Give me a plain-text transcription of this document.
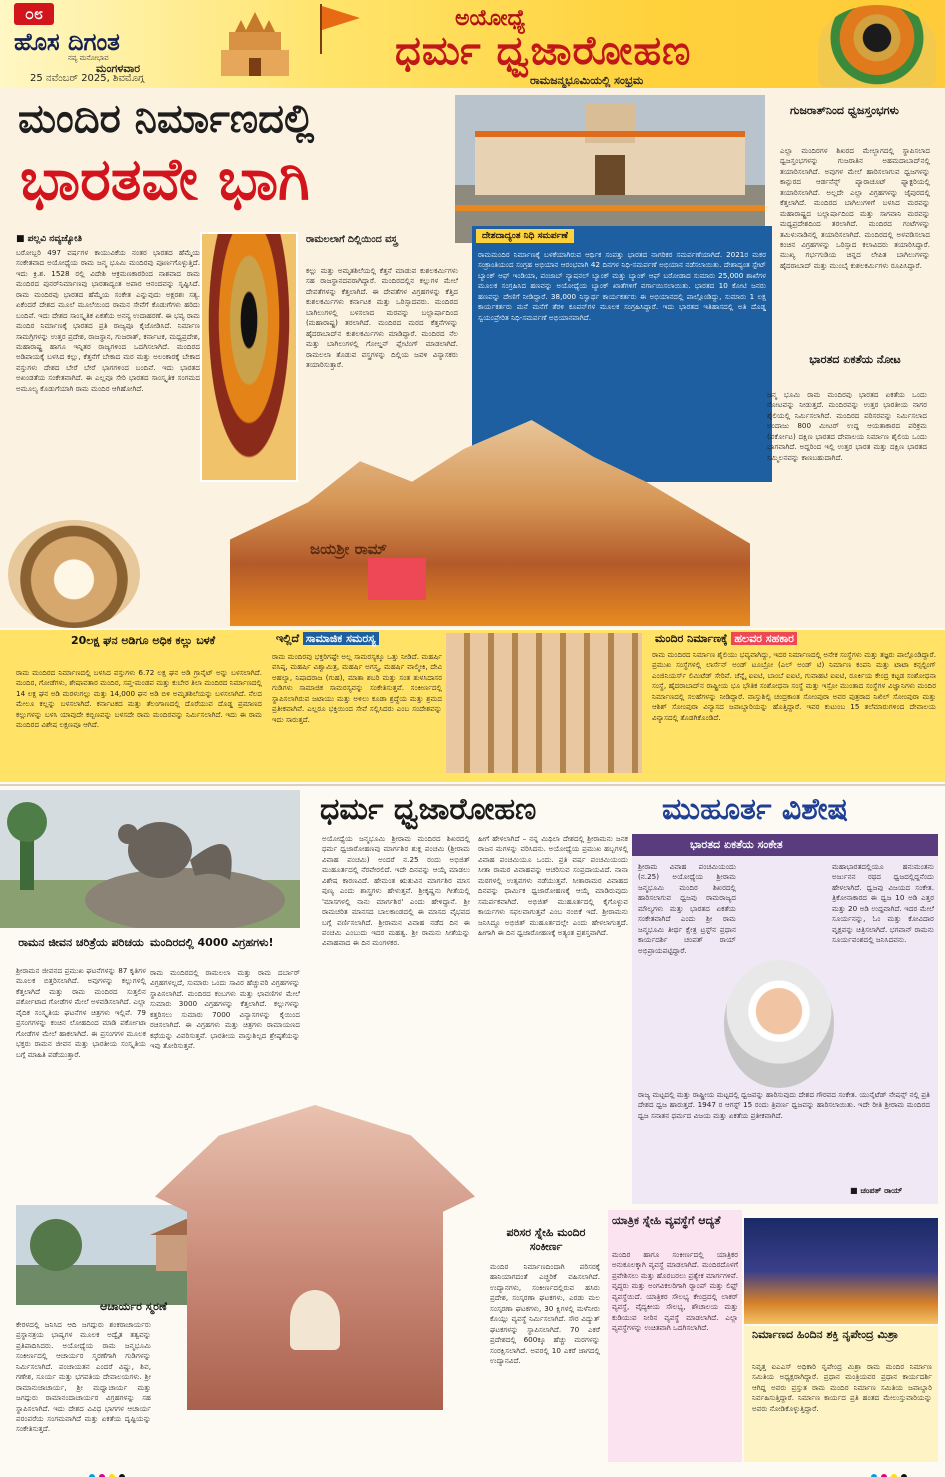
೦೮
ಹೊಸ ದಿಗಂತ
ನವ್ಯ ಮನೋಭಾವ
ಮಂಗಳವಾರ
25 ನವೆಂಬರ್ 2025, ಶಿವಮೊಗ್ಗ
ಅಯೋಧ್ಯೆ
ಧರ್ಮ ಧ್ವಜಾರೋಹಣ
ರಾಮಜನ್ಮಭೂಮಿಯಲ್ಲಿ ಸಂಭ್ರಮ
ಮಂದಿರ ನಿರ್ಮಾಣದಲ್ಲಿ
ಭಾರತವೇ ಭಾಗಿ
■ ಪಲ್ಲವಿ ನವ್ಯಜ್ಯೋತಿ
ಬರೋಬ್ಬರಿ 497 ವರ್ಷಗಳ ಕಾಯುವಿಕೆಯ ನಂತರ ಭಾರತದ ಹೆಮ್ಮೆಯ ಸಂಕೇತವಾದ ಅಯೋಧ್ಯೆಯ ರಾಮ ಜನ್ಮ ಭೂಮಿ ಮಂದಿರವು ಪೂರ್ಣಗೊಳ್ಳುತ್ತಿದೆ. ಇದು ಕ್ರಿ.ಶ. 1528 ರಲ್ಲಿ ವಿದೇಶಿ ಆಕ್ರಮಣಕಾರರಿಂದ ನಾಶವಾದ ರಾಮ ಮಂದಿರದ ಪುನರ್‌ನಿರ್ಮಾಣವು ಭಾರತಾದ್ಯಂತ ಅಪಾರ ಆನಂದವನ್ನು ಸೃಷ್ಟಿಸಿದೆ. ರಾಮ ಮಂದಿರವು ಭಾರತದ ಹೆಮ್ಮೆಯ ಸಂಕೇತ ಎನ್ನುವುದು ಅಕ್ಷರಶಃ ಸತ್ಯ. ಏಕೆಂದರೆ ದೇಶದ ಮೂಲೆ ಮೂಲೆಯಿಂದ ರಾಮನ ಸೇವೆಗೆ ಕೊಡುಗೆಗಳು ಹರಿದು ಬಂದಿವೆ. ಇದು ದೇಶದ ಸಾಂಸ್ಕೃತಿಕ ಏಕತೆಯ ಅನನ್ಯ ಉದಾಹರಣೆ. ಈ ಭವ್ಯ ರಾಮ ಮಂದಿರ ನಿರ್ಮಾಣಕ್ಕೆ ಭಾರತದ ಪ್ರತಿ ರಾಜ್ಯವೂ ಕೈಜೋಡಿಸಿದೆ. ನಿರ್ಮಾಣ ಸಾಮಗ್ರಿಗಳನ್ನು ಉತ್ತರ ಪ್ರದೇಶ, ರಾಜಸ್ಥಾನ, ಗುಜರಾತ್, ಕರ್ನಾಟಕ, ಮಧ್ಯಪ್ರದೇಶ, ಮಹಾರಾಷ್ಟ್ರ ಹಾಗೂ ಇನ್ನಿತರ ರಾಜ್ಯಗಳಿಂದ ಒದಗಿಸಲಾಗಿದೆ. ಮಂದಿರದ ಅಡಿಪಾಯಕ್ಕೆ ಬಳಸಿದ ಕಲ್ಲು, ಕೆತ್ತನೆಗೆ ಬೇಕಾದ ಮರ ಮತ್ತು ಅಲಂಕಾರಕ್ಕೆ ಬೇಕಾದ ವಸ್ತುಗಳು ದೇಶದ ಬೇರೆ ಬೇರೆ ಭಾಗಗಳಿಂದ ಬಂದಿವೆ. ಇದು ಭಾರತದ ಅಖಂಡತೆಯ ಸಂಕೇತವಾಗಿದೆ. ಈ ಎಲ್ಲವೂ ಸೇರಿ ಭಾರತದ ಸಾಂಸ್ಕೃತಿಕ ಸಂಗಮದ ಅಮೂಲ್ಯ ಕೊಡುಗೆಯಾಗಿ ರಾಮ ಮಂದಿರ ಆಗಿಹೋಗಿದೆ.
ಗುಜರಾತ್‌ನಿಂದ ಧ್ವಜಸ್ತಂಭಗಳು
ಎಲ್ಲಾ ಮಂದಿರಗಳ ಶಿಖರದ ಮೇಲ್ಭಾಗದಲ್ಲಿ ಸ್ಥಾಪಿಸಲಾದ ಧ್ವಜಸ್ತಂಭಗಳನ್ನು ಗುಜರಾತಿನ ಅಹಮದಾಬಾದ್‌ನಲ್ಲಿ ತಯಾರಿಸಲಾಗಿದೆ. ಅವುಗಳ ಮೇಲೆ ಹಾರಿಸಲಾಗುವ ಧ್ವಜಗಳನ್ನು ಕಾನ್ಪುರದ ಆರ್ಡನೆನ್ಸ್ ಪ್ಯಾರಾಚೂಟ್ ಫ್ಯಾಕ್ಟರಿಯಲ್ಲಿ ತಯಾರಿಸಲಾಗಿದೆ. ಅಲ್ಲದೇ ಎಲ್ಲಾ ವಿಗ್ರಹಗಳನ್ನು ಜೈಪುರದಲ್ಲಿ ಕೆತ್ತಲಾಗಿದೆ. ಮಂದಿರದ ಬಾಗಿಲುಗಳಿಗೆ ಬಳಸಿದ ಮರವನ್ನು ಮಹಾರಾಷ್ಟ್ರದ ಬಲ್ಲಾರ್ಷಾದಿಂದ ಮತ್ತು ಸಾಗವಾನಿ ಮರವನ್ನು ಮಧ್ಯಪ್ರದೇಶದಿಂದ ತರಲಾಗಿದೆ. ಮಂದಿರದ ಗಂಟೆಗಳನ್ನು ತಮಿಳುನಾಡಿನಲ್ಲಿ ತಯಾರಿಸಲಾಗಿದೆ. ಮಂದಿರದಲ್ಲಿ ಅಳವಡಿಸಲಾದ ಕಂಚಿನ ವಿಗ್ರಹಗಳನ್ನು ಒರಿಸ್ಸಾದ ಕಲಾವಿದರು ತಯಾರಿಸಿದ್ದಾರೆ. ಮುಖ್ಯ ಗರ್ಭಗುಡಿಯ ಚಿನ್ನದ ಲೇಪಿತ ಬಾಗಿಲುಗಳನ್ನು ಹೈದರಾಬಾದ್ ಮತ್ತು ಮುಂಬೈ ಕುಶಲಕರ್ಮಿಗಳು ರೂಪಿಸಿದ್ದಾರೆ.
ರಾಮಲಲಾಗೆ ದಿಲ್ಲಿಯಿಂದ ವಸ್ತ್ರ
ಕಲ್ಲು ಮತ್ತು ಅಮೃತಶಿಲೆಯಲ್ಲಿ ಕೆತ್ತನೆ ಮಾಡುವ ಕುಶಲಕರ್ಮಿಗಳು ಸಹ ರಾಜಸ್ಥಾನದವರಾಗಿದ್ದಾರೆ. ಮಂದಿರದಲ್ಲಿನ ಕಲ್ಲುಗಳ ಮೇಲೆ ದೇವತೆಗಳನ್ನು ಕೆತ್ತಲಾಗಿದೆ. ಈ ದೇವತೆಗಳ ವಿಗ್ರಹಗಳನ್ನು ಕೆತ್ತಿದ ಕುಶಲಕರ್ಮಿಗಳು ಕರ್ನಾಟಕ ಮತ್ತು ಒರಿಸ್ಸಾದವರು. ಮಂದಿರದ ಬಾಗಿಲುಗಳಲ್ಲಿ ಬಳಸಲಾದ ಮರವನ್ನು ಬಲ್ಲಾರ್ಷಾದಿಂದ (ಮಹಾರಾಷ್ಟ್ರ) ತರಲಾಗಿದೆ. ಮಂದಿರದ ಮರದ ಕೆತ್ತನೆಗಳನ್ನು ಹೈದರಾಬಾದ್‌ನ ಕುಶಲಕರ್ಮಿಗಳು ಮಾಡಿದ್ದಾರೆ. ಮಂದಿರದ ನೆಲ ಮತ್ತು ಬಾಗಿಲುಗಳಲ್ಲಿ ಗೋಲ್ಡನ್ ಪ್ಲೇಟಿಂಗ್ ಮಾಡಲಾಗಿದೆ. ರಾಮಲಲಾ ತೊಡುವ ವಸ್ತ್ರಗಳನ್ನು ದಿಲ್ಲಿಯ ಜವಳಿ ವಿನ್ಯಾಸಕರು ತಯಾರಿಸುತ್ತಾರೆ.
ರಾಮಮಂದಿರ ನಿರ್ಮಾಣಕ್ಕೆ ಬಳಕೆಯಾಗಿರುವ ಆರ್ಥಿಕ ಸಂಪತ್ತು ಭಾರತದ ನಾಗರಿಕರ ಸಮರ್ಪಣೆಯಾಗಿದೆ. 2021ರ ಮಕರ ಸಂಕ್ರಾಂತಿಯಂದ ಸಂಗ್ರಹ ಅಭಿಯಾನ ಆರಂಭವಾಗಿ 42 ದಿನಗಳ ನಿಧಿ-ಸಮರ್ಪಣೆ ಅಭಿಯಾನ ನಡೆಸಲಾಯಿತು. ದೇಶಾದ್ಯಂತ ಸ್ಟೇಟ್ ಬ್ಯಾಂಕ್ ಆಫ್ ಇಂಡಿಯಾ, ಪಂಜಾಬ್ ನ್ಯಾಷನಲ್ ಬ್ಯಾಂಕ್ ಮತ್ತು ಬ್ಯಾಂಕ್ ಆಫ್ ಬರೋಡಾದ ಸುಮಾರು 25,000 ಶಾಖೆಗಳ ಮೂಲಕ ಸಂಗ್ರಹಿಸಿದ ಹಣವನ್ನು ಅಯೋಧ್ಯೆಯ ಬ್ಯಾಂಕ್ ಖಾತೆಗಳಿಗೆ ವರ್ಗಾಯಿಸಲಾಯಿತು. ಭಾರತದ 10 ಕೋಟಿ ಜನರು ಹಣವನ್ನು ದೇಣಿಗೆ ನೀಡಿದ್ದಾರೆ. 38,000 ನಿಸ್ವಾರ್ಥ ಕಾರ್ಯಕರ್ತರು ಈ ಅಭಿಯಾನದಲ್ಲಿ ಪಾಲ್ಗೊಂಡಿದ್ದು, ಸುಮಾರು 1 ಲಕ್ಷ ಕಾರ್ಯಕರ್ತರು ಮನೆ ಮನೆಗೆ ತೆರಳಿ ಕೂಪನ್‌ಗಳ ಮೂಲಕ ಸಂಗ್ರಹಿಸಿದ್ದಾರೆ. ಇದು ಭಾರತದ ಇತಿಹಾಸದಲ್ಲಿ ಅತಿ ದೊಡ್ಡ ಸ್ವಯಂಪ್ರೇರಿತ ನಿಧಿ-ಸಮರ್ಪಣೆ ಅಭಿಯಾನವಾಗಿದೆ.
ದೇಶದಾದ್ಯಂತ ನಿಧಿ ಸಮರ್ಪಣೆ
ಭಾರತದ ಏಕತೆಯ ನೋಟ
ಜನ್ಮ ಭೂಮಿ ರಾಮ ಮಂದಿರವು ಭಾರತದ ಏಕತೆಯ ಒಂದು ನೋಟವನ್ನು ನೀಡುತ್ತದೆ. ಮಂದಿರವನ್ನು ಉತ್ತರ ಭಾರತೀಯ ನಾಗರ ಶೈಲಿಯಲ್ಲಿ ನಿರ್ಮಿಸಲಾಗಿದೆ. ಮಂದಿರದ ಪರಿಸರವನ್ನು ನಿರ್ಮಿಸಲಾದ ಅಂದಾಜು 800 ಮೀಟರ್ ಉದ್ದ ಆಯತಾಕಾರದ ಪರಿಕ್ರಮ (ಪರ್ಕೋಟ) ದಕ್ಷಿಣ ಭಾರತದ ದೇವಾಲಯ ನಿರ್ಮಾಣ ಶೈಲಿಯ ಒಂದು ಭಾಗವಾಗಿದೆ. ಅದ್ದರಿಂದ ಇಲ್ಲಿ ಉತ್ತರ ಭಾರತ ಮತ್ತು ದಕ್ಷಿಣ ಭಾರತದ ಸಮ್ಮಿಲನವನ್ನು ಕಾಣಬಹುದಾಗಿದೆ.
ಜಯಶ್ರೀ ರಾಮ್
20ಲಕ್ಷ ಘನ ಅಡಿಗೂ ಅಧಿಕ ಕಲ್ಲು ಬಳಕೆ
ರಾಮ ಮಂದಿರದ ನಿರ್ಮಾಣದಲ್ಲಿ ಬಳಸಿದ ವಸ್ತುಗಳು 6.72 ಲಕ್ಷ ಘನ ಅಡಿ ಗ್ರಾನೈಟ್ ಅನ್ನು ಬಳಸಲಾಗಿದೆ. ಮಂದಿರ, ಗೋಡೆಗಳು, ಶೇಷಾವತಾರ ಮಂದಿರ, ಸಪ್ತ-ಮಂಡಪ ಮತ್ತು ಕುಬೇರ ತಿಲಾ ಮಂದಿರದ ನಿರ್ಮಾಣದಲ್ಲಿ 14 ಲಕ್ಷ ಘನ ಅಡಿ ಮರಳುಗಲ್ಲು ಮತ್ತು 14,000 ಘನ ಅಡಿ ಬಿಳಿ ಅಮೃತಶಿಲೆಯನ್ನು ಬಳಸಲಾಗಿದೆ. ನೆಲದ ಮೇಲೂ ಕಲ್ಲನ್ನು ಬಳಸಲಾಗಿದೆ. ಕರ್ನಾಟಕದ ಮತ್ತು ತೆಲಂಗಾಣದಲ್ಲಿ ದೊರೆಯುವ ದೊಡ್ಡ ಪ್ರಮಾಣದ ಕಲ್ಲುಗಳನ್ನು ಬಳಸಿ ಯಾವುದೇ ಕಬ್ಬಿಣವನ್ನು ಬಳಸದೇ ರಾಮ ಮಂದಿರವನ್ನು ನಿರ್ಮಿಸಲಾಗಿದೆ. ಇದು ಈ ರಾಮ ಮಂದಿರದ ವಿಶೇಷ ಲಕ್ಷಣವೂ ಆಗಿದೆ.
ಇಲ್ಲಿದೆ ಸಾಮಾಜಿಕ ಸಮರಸ್ಯ
ರಾಮ ಮಂದಿರವು ಭಕ್ತರಿಗಷ್ಟೇ ಅಲ್ಲ ಸಾಮರಸ್ಯಕ್ಕೂ ಒತ್ತು ನೀಡಿದೆ. ಮಹರ್ಷಿ ವಸಿಷ್ಠ, ಮಹರ್ಷಿ ವಿಶ್ವಾಮಿತ್ರ, ಮಹರ್ಷಿ ಅಗಸ್ತ್ಯ, ಮಹರ್ಷಿ ವಾಲ್ಮೀಕಿ, ದೇವಿ ಅಹಲ್ಯಾ, ನಿಷಾದರಾಜ (ಗುಹ), ಮಾತಾ ಶಬರಿ ಮತ್ತು ಸಂತ ತುಳಸಿದಾಸರ ಗುಡಿಗಳು ಸಾಮಾಜಿಕ ಸಾಮರಸ್ಯವನ್ನು ಸಂಕೇತಿಸುತ್ತವೆ. ಸಂಕೀರ್ಣದಲ್ಲಿ ಸ್ಥಾಪಿಸಲಾಗಿರುವ ಜಟಾಯು ಮತ್ತು ಅಳಿಲು ಕೂಡಾ ಶ್ರದ್ಧೆಯ ಮತ್ತು ಶ್ರಮದ ಪ್ರತೀಕವಾಗಿವೆ. ಎಲ್ಲರೂ ಭಕ್ತಿಯಿಂದ ಸೇವೆ ಸಲ್ಲಿಸಿದರು ಎಂಬ ಸಂದೇಶವನ್ನು ಇದು ಸಾರುತ್ತದೆ.
ಮಂದಿರ ನಿರ್ಮಾಣಕ್ಕೆ ಹಲವರ ಸಹಕಾರ
ರಾಮ ಮಂದಿರದ ನಿರ್ಮಾಣ ಶೈಲಿಯು ಭವ್ಯವಾಗಿದ್ದು, ಇದರ ನಿರ್ಮಾಣದಲ್ಲಿ ಅನೇಕ ಸಂಸ್ಥೆಗಳು ಮತ್ತು ತಜ್ಞರು ಪಾಲ್ಗೊಂಡಿದ್ದಾರೆ. ಪ್ರಮುಖ ಸಂಸ್ಥೆಗಳಲ್ಲಿ ಲಾರ್ಸೆನ್ ಅಂಡ್ ಟೂಬ್ರೋ (ಎಲ್ ಅಂಡ್ ಟಿ) ನಿರ್ಮಾಣ ಕಂಪನಿ ಮತ್ತು ಟಾಟಾ ಕನ್ಸಲ್ಟಿಂಗ್ ಎಂಜಿನಿಯರ್ಸ್ ಲಿಮಿಟೆಡ್ ಸೇರಿವೆ. ಚೆನ್ನೈ ಐಐಟಿ, ಬಾಂಬೆ ಐಐಟಿ, ಗುವಾಹಟಿ ಐಐಟಿ, ರೂರ್ಕಿಯ ಕೇಂದ್ರ ಕಟ್ಟಡ ಸಂಶೋಧನಾ ಸಂಸ್ಥೆ, ಹೈದರಾಬಾದ್‌ನ ರಾಷ್ಟ್ರೀಯ ಭೂ ಭೌತಿಕ ಸಂಶೋಧನಾ ಸಂಸ್ಥೆ ಮತ್ತು ಇಸ್ರೋ ಮುಂತಾದ ಸಂಸ್ಥೆಗಳ ವಿಜ್ಞಾನಿಗಳು ಮಂದಿರ ನಿರ್ಮಾಣದಲ್ಲಿ ಸಲಹೆಗಳನ್ನು ನೀಡಿದ್ದಾರೆ. ವಾಸ್ತುಶಿಲ್ಪಿ ಚಂದ್ರಕಾಂತ ಸೋಂಪುರಾ ಅವರ ಪುತ್ರರಾದ ನಿಖಿಲ್ ಸೋಂಪುರಾ ಮತ್ತು ಆಶಿಶ್ ಸೋಂಪುರಾ ವಿನ್ಯಾಸದ ಜವಾಬ್ದಾರಿಯನ್ನು ಹೊತ್ತಿದ್ದಾರೆ. ಇವರ ಕುಟುಂಬ 15 ತಲೆಮಾರುಗಳಿಂದ ದೇವಾಲಯ ವಿನ್ಯಾಸದಲ್ಲಿ ತೊಡಗಿಕೊಂಡಿದೆ.
ಧರ್ಮ ಧ್ವಜಾರೋಹಣ	ಮುಹೂರ್ತ ವಿಶೇಷ
ಅಯೋಧ್ಯೆಯ ಜನ್ಮಭೂಮಿ ಶ್ರೀರಾಮ ಮಂದಿರದ ಶಿಖರದಲ್ಲಿ ಧರ್ಮ ಧ್ವಜಾರೋಹಣವು ಮಾರ್ಗಶಿರ ಶುಕ್ಲ ಪಂಚಮಿ (ಶ್ರೀರಾಮ ವಿವಾಹ ಪಂಚಮಿ) ಅಂದರೆ ನ.25 ರಂದು ಅಭಿಜಿತ್ ಮುಹೂರ್ತದಲ್ಲಿ ನೆರವೇರಲಿದೆ. ಇದೇ ದಿನವನ್ನು ಆಯ್ಕೆ ಮಾಡಲು ವಿಶೇಷ ಕಾರಣವಿದೆ. ಹೇಮಂತ ಋತುವಿನ ಮಾರ್ಗಶಿರ ಮಾಸ ಪುಣ್ಯ ಎಂದು ಶಾಸ್ತ್ರಗಳು ಹೇಳುತ್ತವೆ. ಶ್ರೀಕೃಷ್ಣನು ಗೀತೆಯಲ್ಲಿ 'ಮಾಸಗಳಲ್ಲಿ ನಾನು ಮಾರ್ಗಶಿರ' ಎಂದು ಹೇಳಿದ್ದಾನೆ. ಶ್ರೀ ರಾಮಚರಿತ ಮಾನಸದ ಬಾಲಕಾಂಡದಲ್ಲಿ ಈ ಮಾಸದ ವೈಭವದ ಬಗ್ಗೆ ವರ್ಣಿಸಲಾಗಿದೆ. ಶ್ರೀರಾಮನ ವಿವಾಹ ನಡೆದ ದಿನ ಈ ಪಂಚಮಿ ಎಂಬುದು ಇದರ ಮಹತ್ವ. ಶ್ರೀ ರಾಮನು ಸೀತೆಯನ್ನು ವಿವಾಹವಾದ ಈ ದಿನ ಮಂಗಳಕರ.
ಹೀಗೆ ಹೇಳಲಾಗಿದೆ – ನನ್ನ ಮಿಥಿಲಾ ದೇಶದಲ್ಲಿ ಶ್ರೀರಾಮನು ಜನಕ ರಾಜನ ಮಗಳನ್ನು ವರಿಸಿದನು. ಅಯೋಧ್ಯೆಯ ಪ್ರಮುಖ ಹಬ್ಬಗಳಲ್ಲಿ ವಿವಾಹ ಪಂಚಮಿಯೂ ಒಂದು. ಪ್ರತಿ ವರ್ಷ ಪಂಚಮಿಯಂದು ಸೀತಾ ರಾಮರ ವಿವಾಹವನ್ನು ಆಚರಿಸುವ ಸಂಪ್ರದಾಯವಿದೆ. ನಾನಾ ಮಠಗಳಲ್ಲಿ ಉತ್ಸವಗಳು ನಡೆಯುತ್ತವೆ. ಸೀತಾರಾಮರ ವಿವಾಹದ ದಿನವನ್ನು ಧಾರ್ಮಿಕ ಧ್ವಜಾರೋಹಣಕ್ಕೆ ಆಯ್ಕೆ ಮಾಡಿರುವುದು ಸಮರ್ಪಕವಾಗಿದೆ. ಅಭಿಜಿತ್ ಮುಹೂರ್ತದಲ್ಲಿ ಕೈಗೊಳ್ಳುವ ಕಾರ್ಯಗಳು ಸಫಲವಾಗುತ್ತವೆ ಎಂಬ ನಂಬಿಕೆ ಇದೆ. ಶ್ರೀರಾಮನು ಜನಿಸಿದ್ದೂ ಅಭಿಜಿತ್ ಮುಹೂರ್ತದಲ್ಲೇ ಎಂದು ಹೇಳಲಾಗುತ್ತದೆ. ಹೀಗಾಗಿ ಈ ದಿನ ಧ್ವಜಾರೋಹಣಕ್ಕೆ ಅತ್ಯಂತ ಪ್ರಶಸ್ತವಾಗಿದೆ.
ಭಾರತದ ಏಕತೆಯ ಸಂಕೇತ
ಶ್ರೀರಾಮ ವಿವಾಹ ಪಂಚಮಿಯಂದು (ನ.25) ಅಯೋಧ್ಯೆಯ ಶ್ರೀರಾಮ ಜನ್ಮಭೂಮಿ ಮಂದಿರ ಶಿಖರದಲ್ಲಿ ಹಾರಿಸಲಾಗುವ ಧ್ವಜವು ರಾಮರಾಜ್ಯದ ಮೌಲ್ಯಗಳು ಮತ್ತು ಭಾರತದ ಏಕತೆಯ ಸಂಕೇತವಾಗಿದೆ ಎಂದು ಶ್ರೀ ರಾಮ ಜನ್ಮಭೂಮಿ ತೀರ್ಥ ಕ್ಷೇತ್ರ ಟ್ರಸ್ಟ್‌ನ ಪ್ರಧಾನ ಕಾರ್ಯದರ್ಶಿ ಚಂಪತ್ ರಾಯ್ ಅಭಿಪ್ರಾಯಪಟ್ಟಿದ್ದಾರೆ.
ಮಹಾಭಾರತದಲ್ಲಿಯೂ ಹನುಮಂತನು ಅರ್ಜುನನ ರಥದ ಧ್ವಜದಲ್ಲಿದ್ದನೆಂದು ಹೇಳಲಾಗಿದೆ. ಧ್ವಜವು ವಿಜಯದ ಸಂಕೇತ. ತ್ರಿಕೋನಾಕಾರದ ಈ ಧ್ವಜ 10 ಅಡಿ ಎತ್ತರ ಮತ್ತು 20 ಅಡಿ ಉದ್ದವಾಗಿದೆ. ಇದರ ಮೇಲೆ ಸೂರ್ಯನನ್ನು, ಓಂ ಮತ್ತು ಕೋವಿದಾರ ವೃಕ್ಷವನ್ನು ಚಿತ್ರಿಸಲಾಗಿದೆ. ಭಗವಾನ್ ರಾಮನು ಸೂರ್ಯವಂಶದಲ್ಲಿ ಜನಿಸಿದವನು.
ರಾಜ್ಯ ಮಟ್ಟದಲ್ಲಿ ಮತ್ತು ರಾಷ್ಟ್ರೀಯ ಮಟ್ಟದಲ್ಲಿ ಧ್ವಜವನ್ನು ಹಾರಿಸುವುದು ದೇಶದ ಗೌರವದ ಸಂಕೇತ. ಯುನೈಟೆಡ್ ನೇಷನ್ಸ್ ನಲ್ಲಿ ಪ್ರತಿ ದೇಶದ ಧ್ವಜ ಹಾರುತ್ತದೆ. 1947 ರ ಆಗಸ್ಟ್ 15 ರಂದು ತ್ರಿವರ್ಣ ಧ್ವಜವನ್ನು ಹಾರಿಸಲಾಯಿತು. ಇದೇ ರೀತಿ ಶ್ರೀರಾಮ ಮಂದಿರದ ಧ್ವಜ ಸನಾತನ ಧರ್ಮದ ವಿಜಯ ಮತ್ತು ಏಕತೆಯ ಪ್ರತೀಕವಾಗಿದೆ.
■ ಚಂಪತ್ ರಾಯ್
ರಾಮನ ಜೀವನ ಚರಿತ್ರೆಯ ಪರಿಚಯ
ಶ್ರೀರಾಮನ ಜೀವನದ ಪ್ರಮುಖ ಘಟನೆಗಳನ್ನು 87 ಕೃತಿಗಳ ಮೂಲಕ ಬಿತ್ತರಿಸಲಾಗಿದೆ. ಅವುಗಳನ್ನು ಕಲ್ಲುಗಳಲ್ಲಿ ಕೆತ್ತಲಾಗಿದೆ ಮತ್ತು ರಾಮ ಮಂದಿರದ ಸುತ್ತಲಿನ ಪರ್ಕೋಟಾದ ಗೋಡೆಗಳ ಮೇಲೆ ಅಳವಡಿಸಲಾಗಿದೆ. ಎಲ್ಲಾ ವೈದಿಕ ಸಂಸ್ಕೃತಿಯ ಘಟನೆಗಳ ಚಿತ್ರಗಳು ಇಲ್ಲಿವೆ. 79 ಪ್ರಸಂಗಗಳನ್ನು ಕಂಚಿನ ಲೋಹದಿಂದ ಮಾಡಿ ಪರ್ಕೋಟಾ ಗೋಡೆಗಳ ಮೇಲೆ ಹಾಕಲಾಗಿದೆ. ಈ ಪ್ರಸಂಗಗಳ ಮೂಲಕ ಭಕ್ತರು ರಾಮನ ಜೀವನ ಮತ್ತು ಭಾರತೀಯ ಸಂಸ್ಕೃತಿಯ ಬಗ್ಗೆ ಮಾಹಿತಿ ಪಡೆಯುತ್ತಾರೆ.
ಮಂದಿರದಲ್ಲಿ 4000 ವಿಗ್ರಹಗಳು!
ರಾಮ ಮಂದಿರದಲ್ಲಿ ರಾಮಲಲಾ ಮತ್ತು ರಾಮ ದರ್ಬಾರ್ ವಿಗ್ರಹಗಳಲ್ಲದೆ, ಸುಮಾರು ಒಂದು ಸಾವಿರ ಹೆಚ್ಚುವರಿ ವಿಗ್ರಹಗಳನ್ನು ಸ್ಥಾಪಿಸಲಾಗಿದೆ. ಮಂದಿರದ ಕಂಬಗಳು ಮತ್ತು ಛಾವಣಿಗಳ ಮೇಲೆ ಸುಮಾರು 3000 ವಿಗ್ರಹಗಳನ್ನು ಕೆತ್ತಲಾಗಿದೆ. ಕಲ್ಲುಗಳನ್ನು ಕತ್ತರಿಸಲು ಸುಮಾರು 7000 ವಿನ್ಯಾಸಗಳನ್ನು ಕೈಯಿಂದ ರಚಿಸಲಾಗಿದೆ. ಈ ವಿಗ್ರಹಗಳು ಮತ್ತು ಚಿತ್ರಗಳು ರಾಮಾಯಣದ ಕಥೆಯನ್ನು ವಿವರಿಸುತ್ತವೆ. ಭಾರತೀಯ ವಾಸ್ತುಶಿಲ್ಪದ ಶ್ರೇಷ್ಠತೆಯನ್ನು ಇವು ತೋರಿಸುತ್ತವೆ.
ಆಚಾರ್ಯರ ಸ್ಮರಣೆ
ಕೇರಳದಲ್ಲಿ ಜನಿಸಿದ ಆದಿ ಜಗದ್ಗುರು ಶಂಕರಾಚಾರ್ಯರು ಪ್ರಸ್ಥಾನತ್ರಯ ಭಾಷ್ಯಗಳ ಮೂಲಕ ಅದ್ವೈತ ತತ್ವವನ್ನು ಪ್ರತಿಪಾದಿಸಿದರು. ಅಯೋಧ್ಯೆಯ ರಾಮ ಜನ್ಮಭೂಮಿ ಸಂಕೀರ್ಣದಲ್ಲಿ ಆಚಾರ್ಯರ ಸ್ಮರಣೆಗಾಗಿ ಗುಡಿಗಳನ್ನು ನಿರ್ಮಿಸಲಾಗಿದೆ. ಪಂಚಾಯತನ ಎಂದರೆ ವಿಷ್ಣು, ಶಿವ, ಗಣೇಶ, ಸೂರ್ಯ ಮತ್ತು ಭಗವತಿಯ ದೇವಾಲಯಗಳು. ಶ್ರೀ ರಾಮಾನುಜಾಚಾರ್ಯ, ಶ್ರೀ ಮಧ್ವಾಚಾರ್ಯ ಮತ್ತು ಜಗದ್ಗುರು ರಾಮಾನಂದಾಚಾರ್ಯರ ವಿಗ್ರಹಗಳನ್ನು ಸಹ ಸ್ಥಾಪಿಸಲಾಗಿದೆ. ಇದು ದೇಶದ ವಿವಿಧ ಭಾಗಗಳ ಆಚಾರ್ಯ ಪರಂಪರೆಯ ಸಂಗಮವಾಗಿದೆ ಮತ್ತು ಏಕತೆಯ ದೃಷ್ಟಿಯನ್ನು ಸಂಕೇತಿಸುತ್ತದೆ.
ಪರಿಸರ ಸ್ನೇಹಿ ಮಂದಿರ ಸಂಕೀರ್ಣ
ಮಂದಿರ ನಿರ್ಮಾಣದಿಂದಾಗಿ ಪರಿಸರಕ್ಕೆ ಹಾನಿಯಾಗದಂತೆ ಎಚ್ಚರಿಕೆ ವಹಿಸಲಾಗಿದೆ. ಉದ್ಯಾನಗಳು, ಸಂಕೀರ್ಣದಲ್ಲಿರುವ ಹಸಿರು ಪ್ರದೇಶ, ಸಂಸ್ಕರಣಾ ಘಟಕಗಳು, ಎರಡು ಮಲ ಸಂಸ್ಕರಣಾ ಘಟಕಗಳು, 30 ಕ್ಷಿಗಳಲ್ಲಿ ಮಳೆನೀರು ಕೊಯ್ಲು ವ್ಯವಸ್ಥೆ ನಿರ್ಮಿಸಲಾಗಿದೆ. ಸೌರ ವಿದ್ಯುತ್ ಘಟಕಗಳನ್ನು ಸ್ಥಾಪಿಸಲಾಗಿದೆ. 70 ಎಕರೆ ಪ್ರದೇಶದಲ್ಲಿ 600ಕ್ಕೂ ಹೆಚ್ಚು ಮರಗಳನ್ನು ಸಂರಕ್ಷಿಸಲಾಗಿದೆ. ಅವರಲ್ಲಿ 10 ಎಕರೆ ಜಾಗದಲ್ಲಿ ಉದ್ಯಾನವಿದೆ.
ಯಾತ್ರಿಕ ಸ್ನೇಹಿ ವ್ಯವಸ್ಥೆಗೆ ಆದ್ಯತೆ
ಮಂದಿರ ಹಾಗೂ ಸಂಕೀರ್ಣದಲ್ಲಿ ಯಾತ್ರಿಕರ ಅನುಕೂಲಕ್ಕಾಗಿ ವ್ಯವಸ್ಥೆ ಮಾಡಲಾಗಿದೆ. ಮಂದಿರದೊಳಗೆ ಪ್ರವೇಶಿಸಲು ಮತ್ತು ಹೊರಬರಲು ಪ್ರತ್ಯೇಕ ಮಾರ್ಗಗಳಿವೆ. ವೃದ್ಧರು ಮತ್ತು ಅಂಗವಿಕಲರಿಗಾಗಿ ರ್‍ಯಾಂಪ್ ಮತ್ತು ಲಿಫ್ಟ್ ವ್ಯವಸ್ಥೆಯಿದೆ. ಯಾತ್ರಿಕರ ಸೌಲಭ್ಯ ಕೇಂದ್ರದಲ್ಲಿ ಲಾಕರ್ ವ್ಯವಸ್ಥೆ, ವೈದ್ಯಕೀಯ ಸೌಲಭ್ಯ, ಶೌಚಾಲಯ ಮತ್ತು ಕುಡಿಯುವ ನೀರಿನ ವ್ಯವಸ್ಥೆ ಮಾಡಲಾಗಿದೆ. ಎಲ್ಲಾ ವ್ಯವಸ್ಥೆಗಳನ್ನು ಉಚಿತವಾಗಿ ಒದಗಿಸಲಾಗಿದೆ.
ನಿರ್ಮಾಣದ ಹಿಂದಿನ ಶಕ್ತಿ ನೃಪೇಂದ್ರ ಮಿಶ್ರಾ
ನಿವೃತ್ತ ಐಎಎಸ್ ಅಧಿಕಾರಿ ನೃಪೇಂದ್ರ ಮಿಶ್ರಾ ರಾಮ ಮಂದಿರ ನಿರ್ಮಾಣ ಸಮಿತಿಯ ಅಧ್ಯಕ್ಷರಾಗಿದ್ದಾರೆ. ಪ್ರಧಾನ ಮಂತ್ರಿಯವರ ಪ್ರಧಾನ ಕಾರ್ಯದರ್ಶಿ ಆಗಿದ್ದ ಅವರು ಪ್ರಸ್ತುತ ರಾಮ ಮಂದಿರ ನಿರ್ಮಾಣ ಸಮಿತಿಯ ಜವಾಬ್ದಾರಿ ನಿರ್ವಹಿಸುತ್ತಿದ್ದಾರೆ. ನಿರ್ಮಾಣ ಕಾರ್ಯದ ಪ್ರತಿ ಹಂತದ ಮೇಲುಸ್ತುವಾರಿಯನ್ನು ಅವರು ನೋಡಿಕೊಳ್ಳುತ್ತಿದ್ದಾರೆ.
